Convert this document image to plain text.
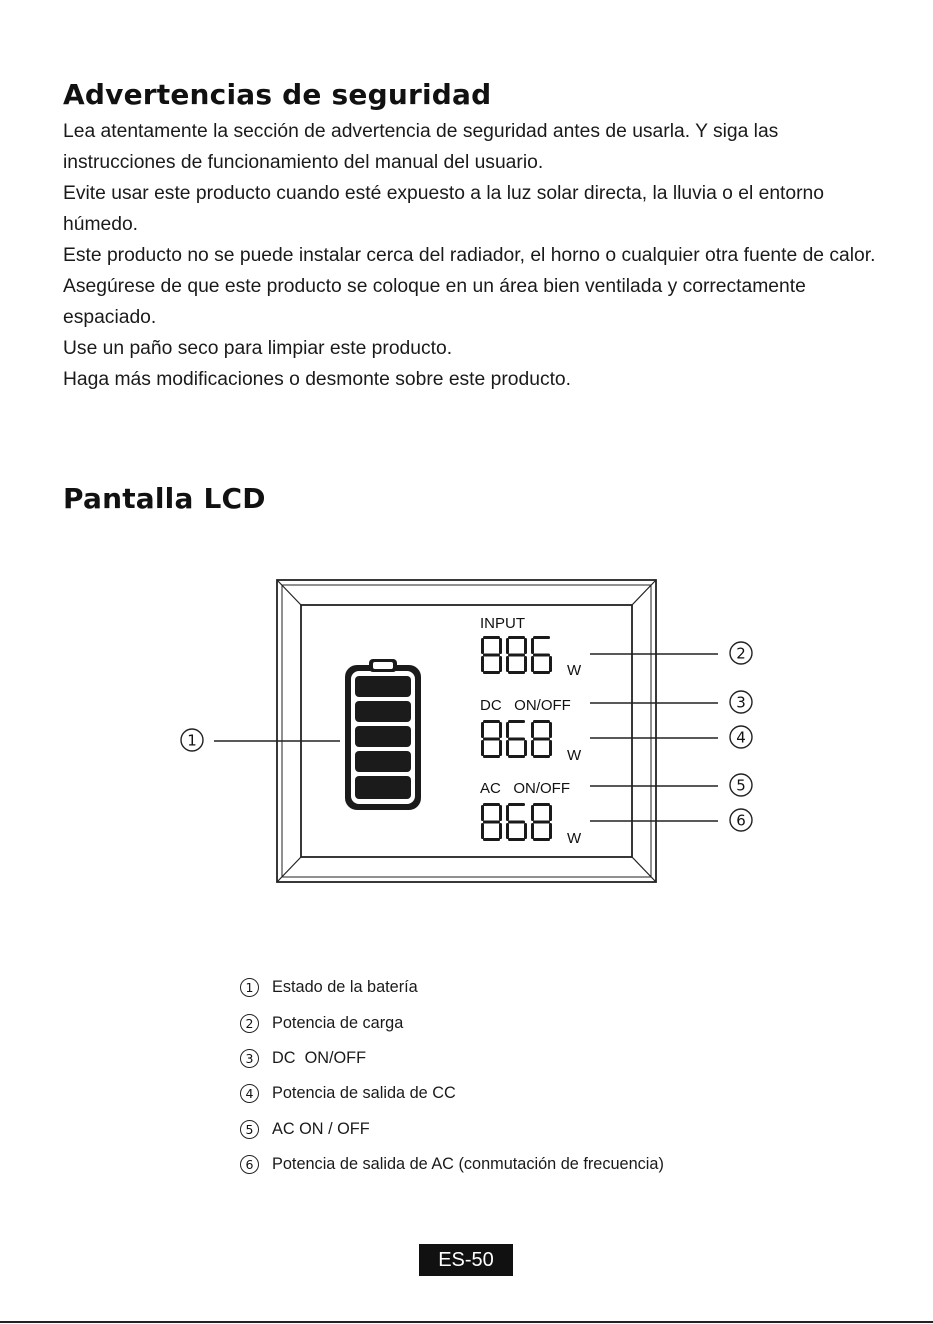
Advertencias de seguridad

Lea atentamente la sección de advertencia de seguridad antes de usarla. Y siga las instrucciones de funcionamiento del manual del usuario.

Evite usar este producto cuando esté expuesto a la luz solar directa, la lluvia o el entorno húmedo.

Este producto no se puede instalar cerca del radiador, el horno o cualquier otra fuente de calor.

Asegúrese de que este producto se coloque en un área bien ventilada y correctamente espaciado.

Use un paño seco para limpiar este producto.

Haga más modificaciones o desmonte sobre este producto.

Pantalla LCD
INPUT
DC   ON/OFF
AC   ON/OFF
W
W
W
1
2
3
4
5
6
1	Estado de la batería
2	Potencia de carga
3	DC  ON/OFF
4	Potencia de salida de CC
5	AC ON / OFF
6	Potencia de salida de AC (conmutación de frecuencia)
ES-50
